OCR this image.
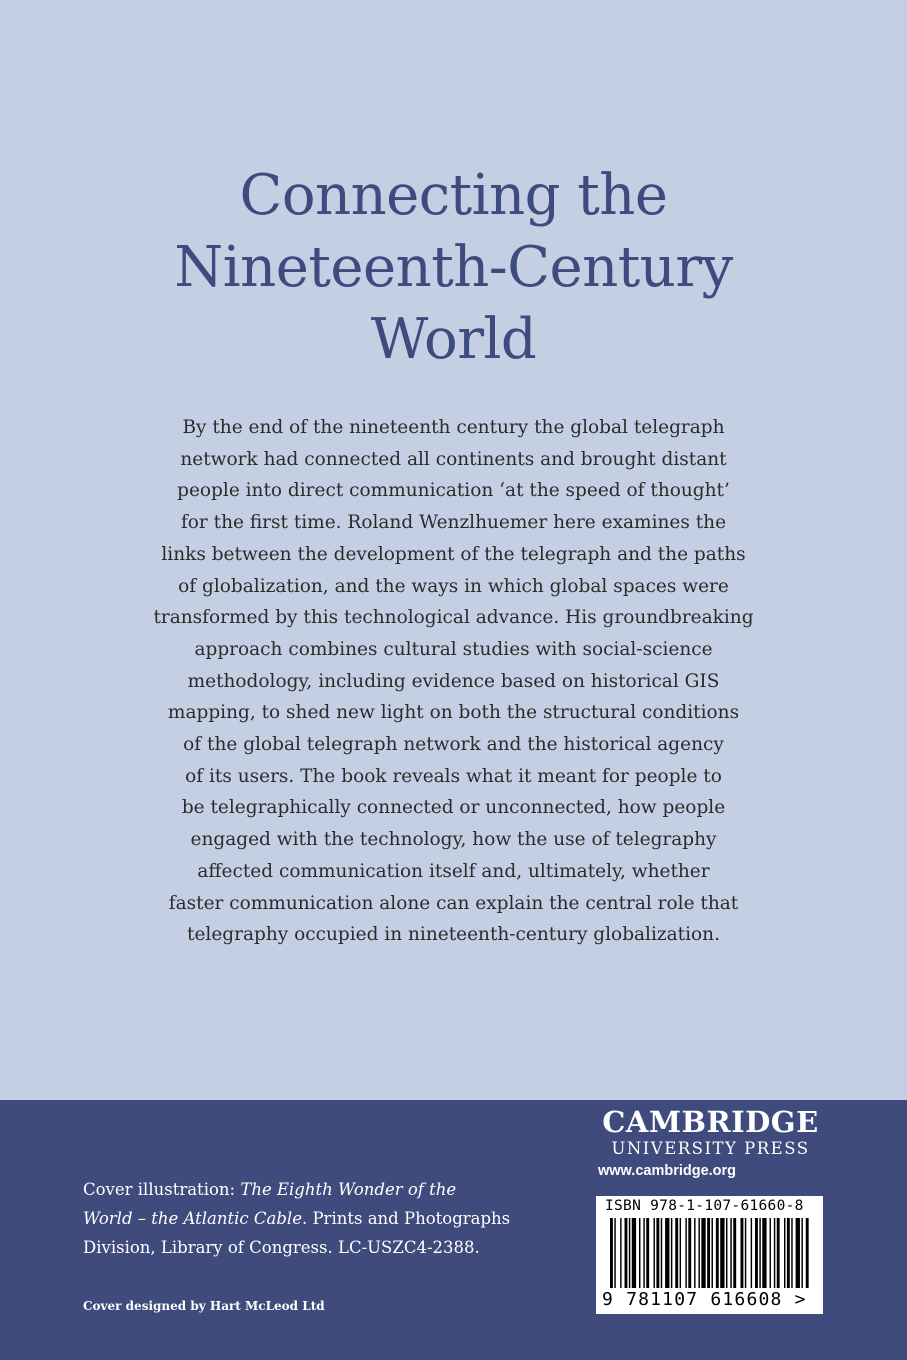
Connecting the
Nineteenth-Century
World
By the end of the nineteenth century the global telegraph
network had connected all continents and brought distant
people into direct communication ‘at the speed of thought’
for the first time. Roland Wenzlhuemer here examines the
links between the development of the telegraph and the paths
of globalization, and the ways in which global spaces were
transformed by this technological advance. His groundbreaking
approach combines cultural studies with social-science
methodology, including evidence based on historical GIS
mapping, to shed new light on both the structural conditions
of the global telegraph network and the historical agency
of its users. The book reveals what it meant for people to
be telegraphically connected or unconnected, how people
engaged with the technology, how the use of telegraphy
affected communication itself and, ultimately, whether
faster communication alone can explain the central role that
telegraphy occupied in nineteenth-century globalization.
Cover illustration: The Eighth Wonder of the
World – the Atlantic Cable. Prints and Photographs
Division, Library of Congress. LC-USZC4-2388.
Cover designed by Hart McLeod Ltd
CAMBRIDGE
UNIVERSITY PRESS
www.cambridge.org
ISBN 978-1-107-61660-8
9 781107 616608 >
